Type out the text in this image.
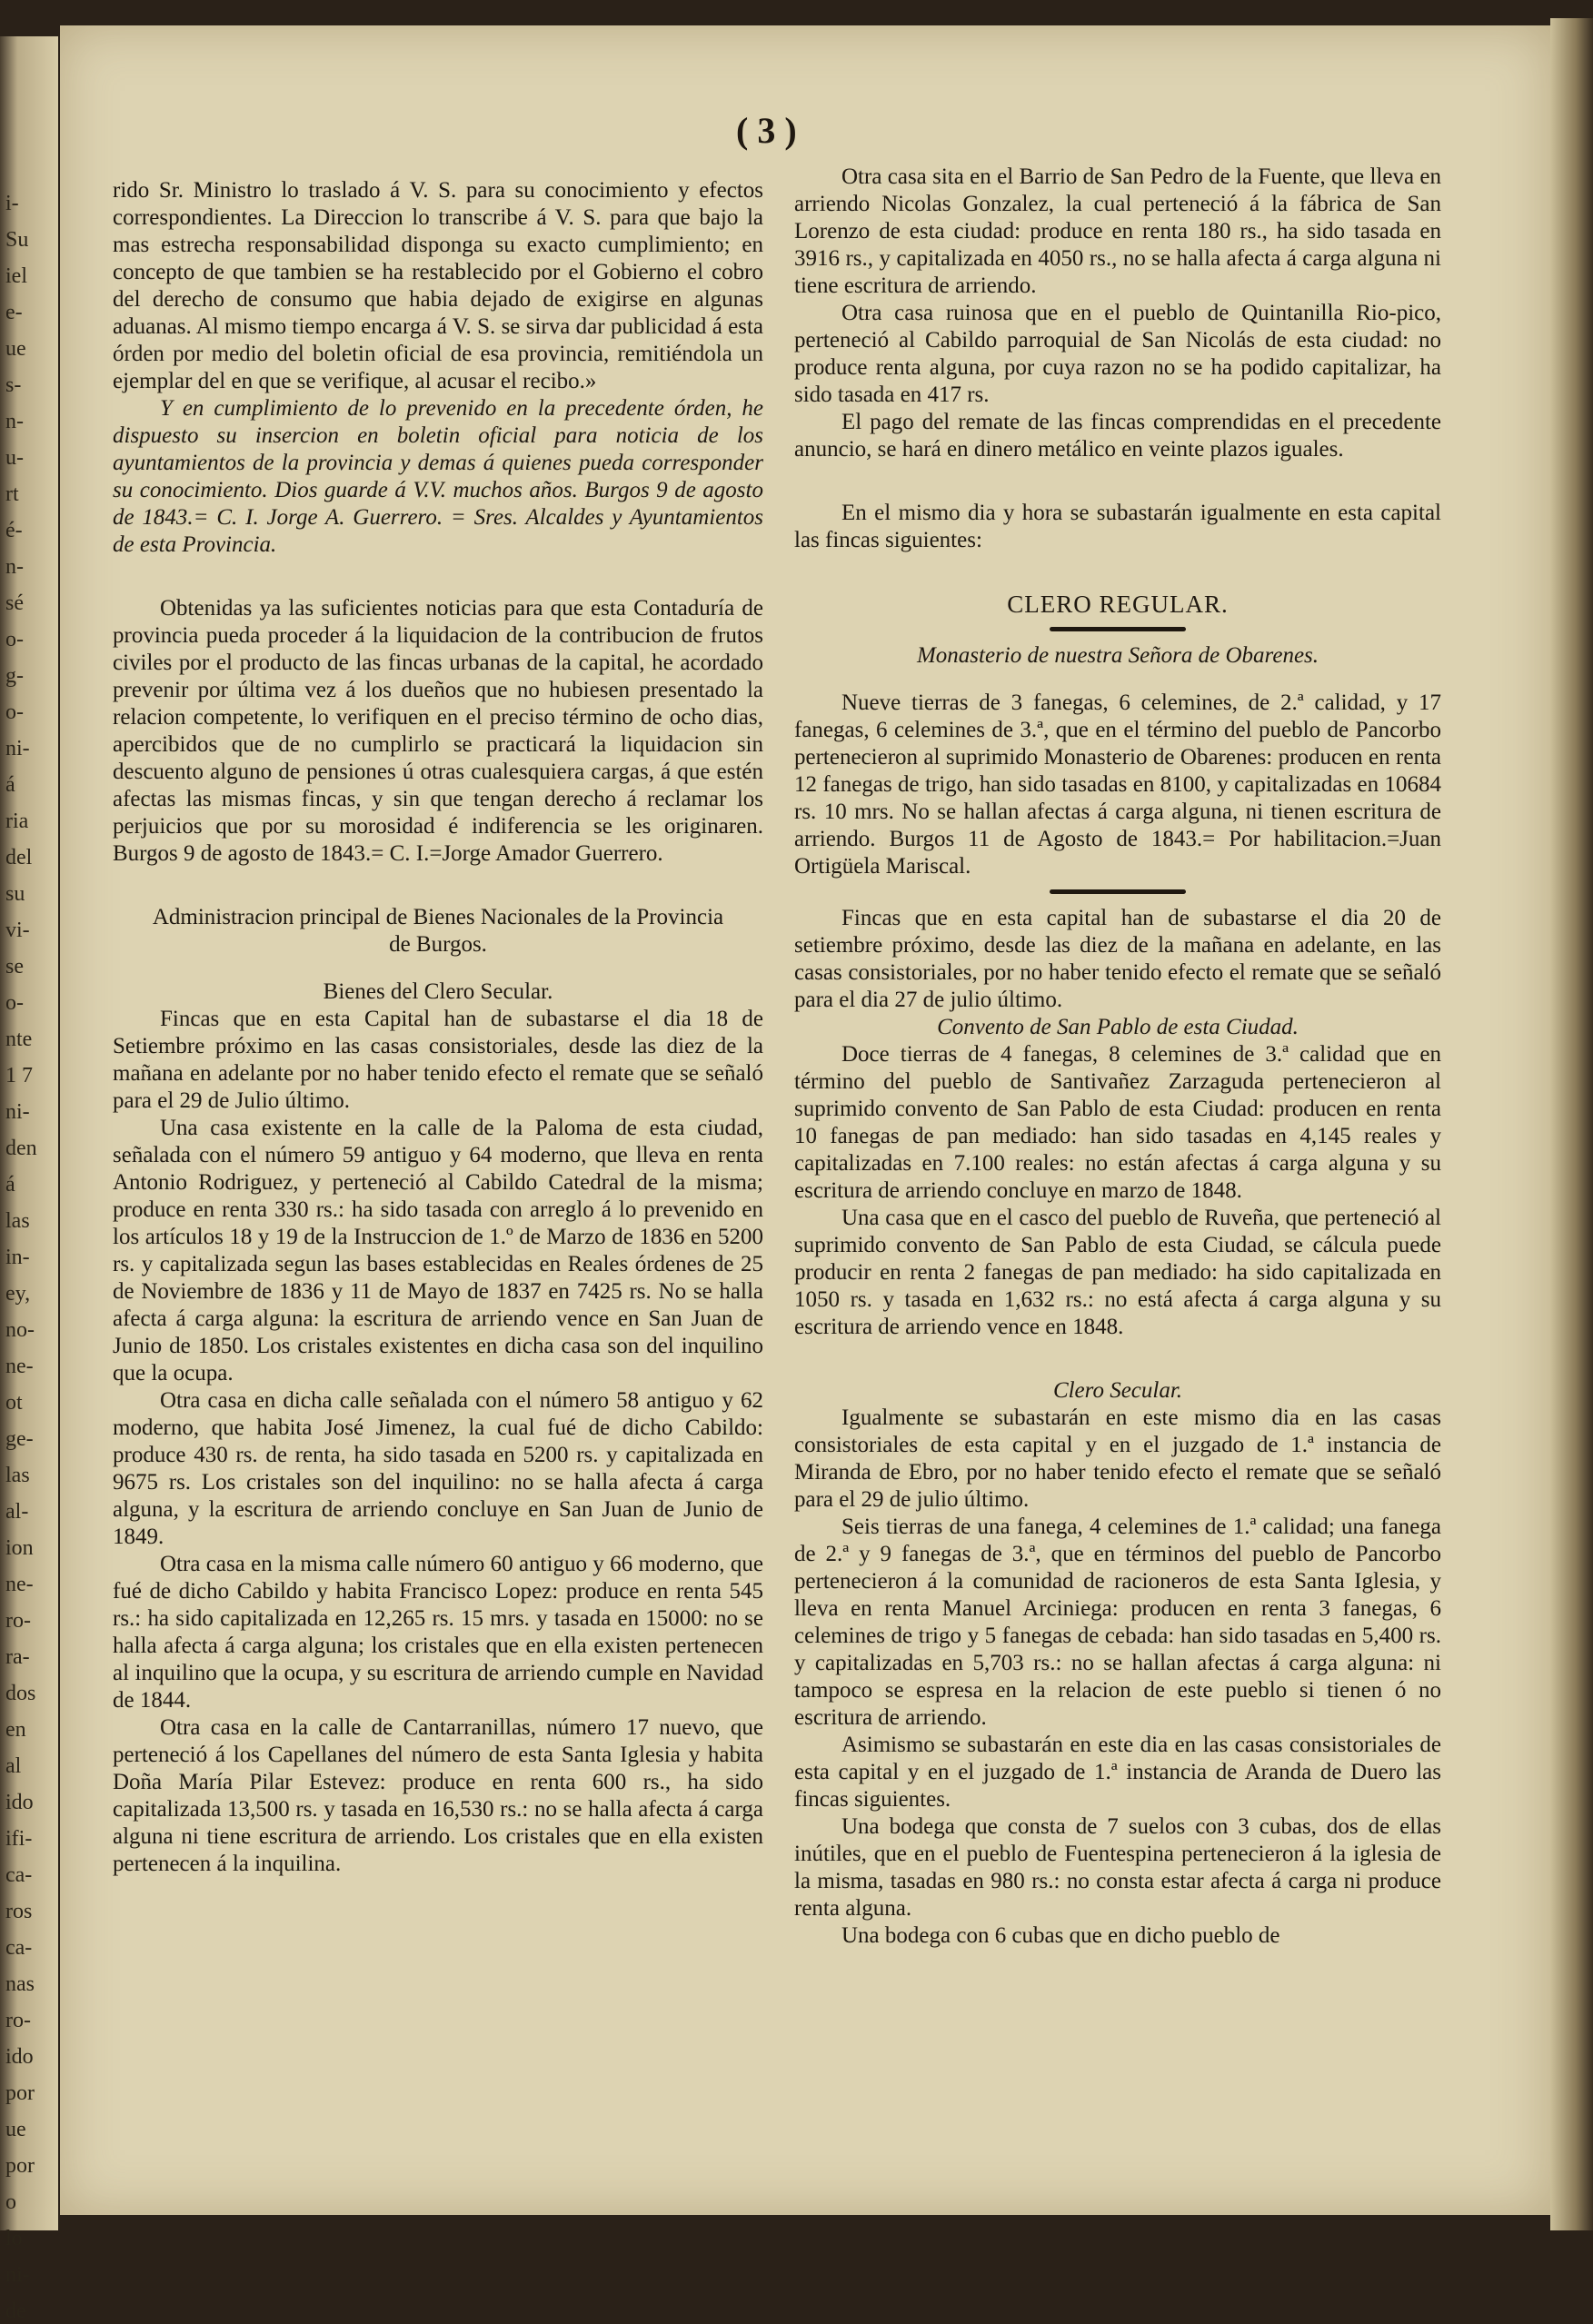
i-
Su
iel
e-
ue
s-
n-
u-
rt
é-
n-
sé
o-
g-
o-
ni-
á
ria
del
su
vi-
se
o-
nte
1 7
ni-
den
á
las
in-
ey,
no-
ne-
ot
ge-
las
al-
ion
ne-
ro-
ra-
dos
en
al
ido
ifi-
ca-
ros
ca-
nas
ro-
ido
por
ue
por
o
lo
ni-
de
( 3 )

rido Sr. Ministro lo traslado á V. S. para su conocimiento y efectos correspondientes. La Direccion lo transcribe á V. S. para que bajo la mas estrecha responsabilidad disponga su exacto cumplimiento; en concepto de que tambien se ha restablecido por el Gobierno el cobro del derecho de consumo que habia dejado de exigirse en algunas aduanas. Al mismo tiempo encarga á V. S. se sirva dar publicidad á esta órden por medio del boletin oficial de esa provincia, remitiéndola un ejemplar del en que se verifique, al acusar el recibo.»

Y en cumplimiento de lo prevenido en la precedente órden, he dispuesto su insercion en boletin oficial para noticia de los ayuntamientos de la provincia y demas á quienes pueda corresponder su conocimiento. Dios guarde á V.V. muchos años. Burgos 9 de agosto de 1843.= C. I. Jorge A. Guerrero. = Sres. Alcaldes y Ayuntamientos de esta Provincia.

Obtenidas ya las suficientes noticias para que esta Contaduría de provincia pueda proceder á la liquidacion de la contribucion de frutos civiles por el producto de las fincas urbanas de la capital, he acordado prevenir por última vez á los dueños que no hubiesen presentado la relacion competente, lo verifiquen en el preciso término de ocho dias, apercibidos que de no cumplirlo se practicará la liquidacion sin descuento alguno de pensiones ú otras cualesquiera cargas, á que estén afectas las mismas fincas, y sin que tengan derecho á reclamar los perjuicios que por su morosidad é indiferencia se les originaren. Burgos 9 de agosto de 1843.= C. I.=Jorge Amador Guerrero.

Administracion principal de Bienes Nacionales de la Provincia de Burgos.

Bienes del Clero Secular.

Fincas que en esta Capital han de subastarse el dia 18 de Setiembre próximo en las casas consistoriales, desde las diez de la mañana en adelante por no haber tenido efecto el remate que se señaló para el 29 de Julio último.

Una casa existente en la calle de la Paloma de esta ciudad, señalada con el número 59 antiguo y 64 moderno, que lleva en renta Antonio Rodriguez, y perteneció al Cabildo Catedral de la misma; produce en renta 330 rs.: ha sido tasada con arreglo á lo prevenido en los artículos 18 y 19 de la Instruccion de 1.º de Marzo de 1836 en 5200 rs. y capitalizada segun las bases establecidas en Reales órdenes de 25 de Noviembre de 1836 y 11 de Mayo de 1837 en 7425 rs. No se halla afecta á carga alguna: la escritura de arriendo vence en San Juan de Junio de 1850. Los cristales existentes en dicha casa son del inquilino que la ocupa.

Otra casa en dicha calle señalada con el número 58 antiguo y 62 moderno, que habita José Jimenez, la cual fué de dicho Cabildo: produce 430 rs. de renta, ha sido tasada en 5200 rs. y capitalizada en 9675 rs. Los cristales son del inquilino: no se halla afecta á carga alguna, y la escritura de arriendo concluye en San Juan de Junio de 1849.

Otra casa en la misma calle número 60 antiguo y 66 moderno, que fué de dicho Cabildo y habita Francisco Lopez: produce en renta 545 rs.: ha sido capitalizada en 12,265 rs. 15 mrs. y tasada en 15000: no se halla afecta á carga alguna; los cristales que en ella existen pertenecen al inquilino que la ocupa, y su escritura de arriendo cumple en Navidad de 1844.

Otra casa en la calle de Cantarranillas, número 17 nuevo, que perteneció á los Capellanes del número de esta Santa Iglesia y habita Doña María Pilar Estevez: produce en renta 600 rs., ha sido capitalizada 13,500 rs. y tasada en 16,530 rs.: no se halla afecta á carga alguna ni tiene escritura de arriendo. Los cristales que en ella existen pertenecen á la inquilina.

Otra casa sita en el Barrio de San Pedro de la Fuente, que lleva en arriendo Nicolas Gonzalez, la cual perteneció á la fábrica de San Lorenzo de esta ciudad: produce en renta 180 rs., ha sido tasada en 3916 rs., y capitalizada en 4050 rs., no se halla afecta á carga alguna ni tiene escritura de arriendo.

Otra casa ruinosa que en el pueblo de Quintanilla Rio-pico, perteneció al Cabildo parroquial de San Nicolás de esta ciudad: no produce renta alguna, por cuya razon no se ha podido capitalizar, ha sido tasada en 417 rs.

El pago del remate de las fincas comprendidas en el precedente anuncio, se hará en dinero metálico en veinte plazos iguales.

En el mismo dia y hora se subastarán igualmente en esta capital las fincas siguientes:

CLERO REGULAR.

Monasterio de nuestra Señora de Obarenes.

Nueve tierras de 3 fanegas, 6 celemines, de 2.ª calidad, y 17 fanegas, 6 celemines de 3.ª, que en el término del pueblo de Pancorbo pertenecieron al suprimido Monasterio de Obarenes: producen en renta 12 fanegas de trigo, han sido tasadas en 8100, y capitalizadas en 10684 rs. 10 mrs. No se hallan afectas á carga alguna, ni tienen escritura de arriendo. Burgos 11 de Agosto de 1843.= Por habilitacion.=Juan Ortigüela Mariscal.

Fincas que en esta capital han de subastarse el dia 20 de setiembre próximo, desde las diez de la mañana en adelante, en las casas consistoriales, por no haber tenido efecto el remate que se señaló para el dia 27 de julio último.

Convento de San Pablo de esta Ciudad.

Doce tierras de 4 fanegas, 8 celemines de 3.ª calidad que en término del pueblo de Santivañez Zarzaguda pertenecieron al suprimido convento de San Pablo de esta Ciudad: producen en renta 10 fanegas de pan mediado: han sido tasadas en 4,145 reales y capitalizadas en 7.100 reales: no están afectas á carga alguna y su escritura de arriendo concluye en marzo de 1848.

Una casa que en el casco del pueblo de Ruveña, que perteneció al suprimido convento de San Pablo de esta Ciudad, se cálcula puede producir en renta 2 fanegas de pan mediado: ha sido capitalizada en 1050 rs. y tasada en 1,632 rs.: no está afecta á carga alguna y su escritura de arriendo vence en 1848.

Clero Secular.

Igualmente se subastarán en este mismo dia en las casas consistoriales de esta capital y en el juzgado de 1.ª instancia de Miranda de Ebro, por no haber tenido efecto el remate que se señaló para el 29 de julio último.

Seis tierras de una fanega, 4 celemines de 1.ª calidad; una fanega de 2.ª y 9 fanegas de 3.ª, que en términos del pueblo de Pancorbo pertenecieron á la comunidad de racioneros de esta Santa Iglesia, y lleva en renta Manuel Arciniega: producen en renta 3 fanegas, 6 celemines de trigo y 5 fanegas de cebada: han sido tasadas en 5,400 rs. y capitalizadas en 5,703 rs.: no se hallan afectas á carga alguna: ni tampoco se espresa en la relacion de este pueblo si tienen ó no escritura de arriendo.

Asimismo se subastarán en este dia en las casas consistoriales de esta capital y en el juzgado de 1.ª instancia de Aranda de Duero las fincas siguientes.

Una bodega que consta de 7 suelos con 3 cubas, dos de ellas inútiles, que en el pueblo de Fuentespina pertenecieron á la iglesia de la misma, tasadas en 980 rs.: no consta estar afecta á carga ni produce renta alguna.

Una bodega con 6 cubas que en dicho pueblo de
